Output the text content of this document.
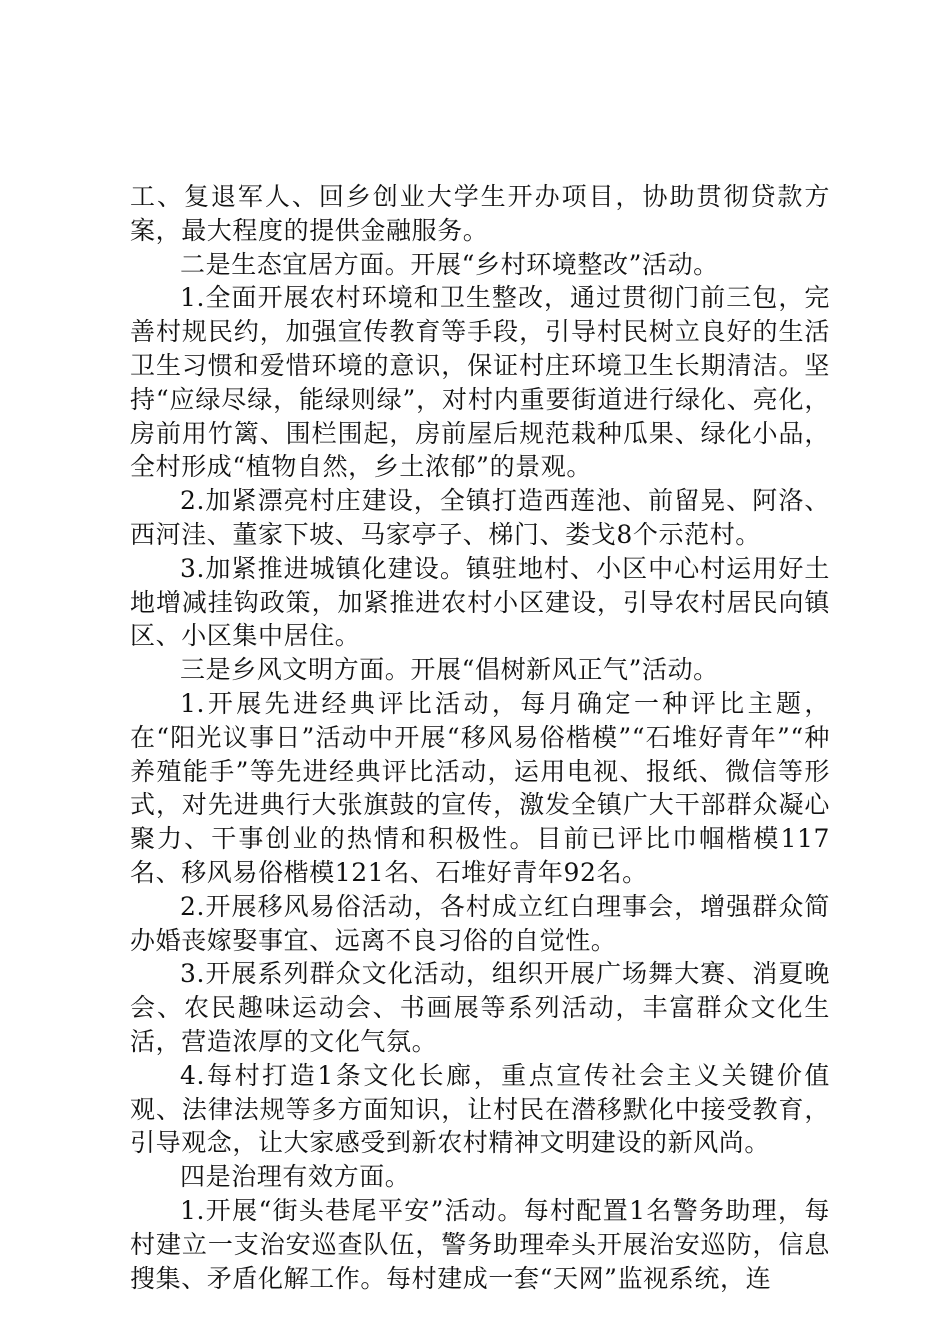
工、复退军人、回乡创业大学生开办项目，协助贯彻贷款方案，最大程度的提供金融服务。

二是生态宜居方面。开展“乡村环境整改”活动。

1.全面开展农村环境和卫生整改，通过贯彻门前三包，完善村规民约，加强宣传教育等手段，引导村民树立良好的生活卫生习惯和爱惜环境的意识，保证村庄环境卫生长期清洁。坚持“应绿尽绿，能绿则绿”，对村内重要街道进行绿化、亮化，房前用竹篱、围栏围起，房前屋后规范栽种瓜果、绿化小品，全村形成“植物自然，乡土浓郁”的景观。

2.加紧漂亮村庄建设，全镇打造西莲池、前留晃、阿洛、西河洼、董家下坡、马家亭子、梯门、娄戈8个示范村。

3.加紧推进城镇化建设。镇驻地村、小区中心村运用好土地增减挂钩政策，加紧推进农村小区建设，引导农村居民向镇区、小区集中居住。

三是乡风文明方面。开展“倡树新风正气”活动。

1.开展先进经典评比活动，每月确定一种评比主题，在“阳光议事日”活动中开展“移风易俗楷模”“石堆好青年”“种养殖能手”等先进经典评比活动，运用电视、报纸、微信等形式，对先进典行大张旗鼓的宣传，激发全镇广大干部群众凝心聚力、干事创业的热情和积极性。目前已评比巾帼楷模117名、移风易俗楷模121名、石堆好青年92名。

2.开展移风易俗活动，各村成立红白理事会，增强群众简办婚丧嫁娶事宜、远离不良习俗的自觉性。

3.开展系列群众文化活动，组织开展广场舞大赛、消夏晚会、农民趣味运动会、书画展等系列活动，丰富群众文化生活，营造浓厚的文化气氛。

4.每村打造1条文化长廊，重点宣传社会主义关键价值观、法律法规等多方面知识，让村民在潜移默化中接受教育，引导观念，让大家感受到新农村精神文明建设的新风尚。

四是治理有效方面。

1.开展“街头巷尾平安”活动。每村配置1名警务助理，每村建立一支治安巡查队伍，警务助理牵头开展治安巡防，信息搜集、矛盾化解工作。每村建成一套“天网”监视系统，连
